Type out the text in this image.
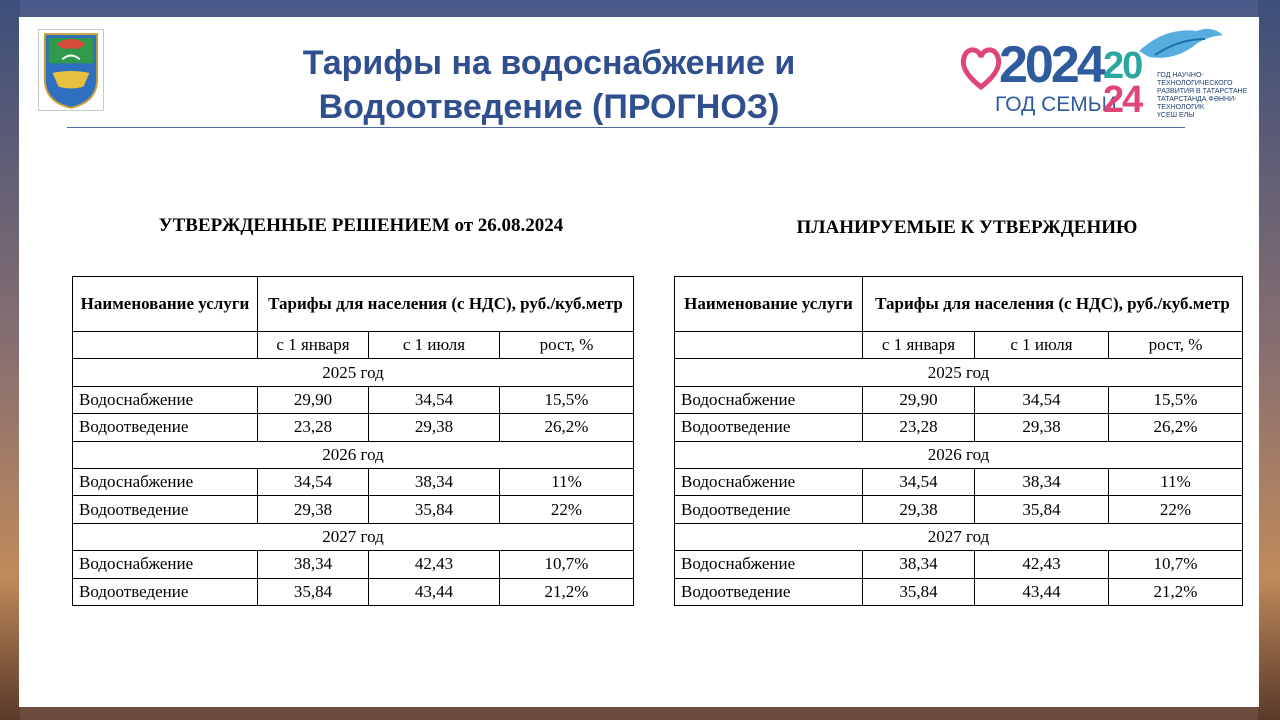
Тарифы на водоснабжение и
Водоотведение (ПРОГНОЗ)
2024
ГОД СЕМЬИ
20
24
ГОД НАУЧНО-ТЕХНОЛОГИЧЕСКОГО
РАЗВИТИЯ В ТАТАРСТАНЕ
ТАТАРСТАНДА ФӘННИ-ТЕХНОЛОГИК
ҮСЕШ ЕЛЫ
УТВЕРЖДЕННЫЕ РЕШЕНИЕМ от 26.08.2024	ПЛАНИРУЕМЫЕ К УТВЕРЖДЕНИЮ
Наименование услуги	Тарифы для населения (с НДС), руб./куб.метр		
	с 1 января	с 1 июля	рост, %
2025 год			
Водоснабжение	29,90	34,54	15,5%
Водоотведение	23,28	29,38	26,2%
2026 год			
Водоснабжение	34,54	38,34	11%
Водоотведение	29,38	35,84	22%
2027 год			
Водоснабжение	38,34	42,43	10,7%
Водоотведение	35,84	43,44	21,2%
Наименование услуги	Тарифы для населения (с НДС), руб./куб.метр		
	с 1 января	с 1 июля	рост, %
2025 год			
Водоснабжение	29,90	34,54	15,5%
Водоотведение	23,28	29,38	26,2%
2026 год			
Водоснабжение	34,54	38,34	11%
Водоотведение	29,38	35,84	22%
2027 год			
Водоснабжение	38,34	42,43	10,7%
Водоотведение	35,84	43,44	21,2%
